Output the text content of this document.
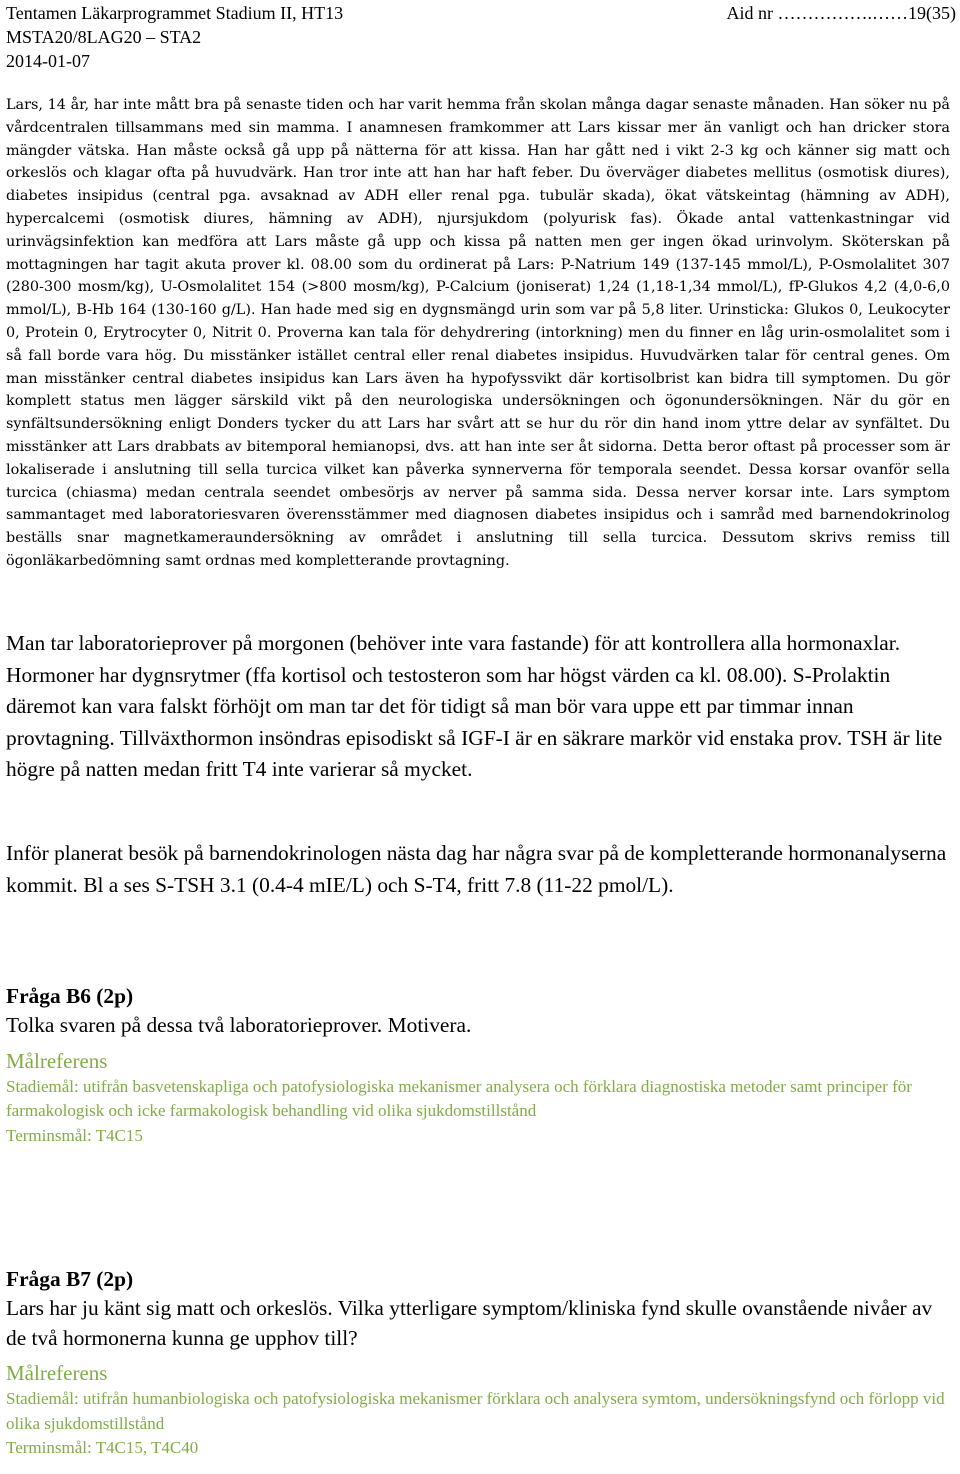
Tentamen Läkarprogrammet Stadium II, HT13	Aid nr …………….……19(35)
MSTA20/8LAG20 – STA2
2014-01-07
Lars, 14 år, har inte mått bra på senaste tiden och har varit hemma från skolan många dagar senaste månaden. Han söker nu på vårdcentralen tillsammans med sin mamma. I anamnesen framkommer att Lars kissar mer än vanligt och han dricker stora mängder vätska. Han måste också gå upp på nätterna för att kissa. Han har gått ned i vikt 2-3 kg och känner sig matt och orkeslös och klagar ofta på huvudvärk. Han tror inte att han har haft feber. Du överväger diabetes mellitus (osmotisk diures), diabetes insipidus (central pga. avsaknad av ADH eller renal pga. tubulär skada), ökat vätskeintag (hämning av ADH), hypercalcemi (osmotisk diures, hämning av ADH), njursjukdom (polyurisk fas). Ökade antal vattenkastningar vid urinvägsinfektion kan medföra att Lars måste gå upp och kissa på natten men ger ingen ökad urinvolym. Sköterskan på mottagningen har tagit akuta prover kl. 08.00 som du ordinerat på Lars: P-Natrium 149 (137-145 mmol/L), P-Osmolalitet 307 (280-300 mosm/kg), U-Osmolalitet 154 (>800 mosm/kg), P-Calcium (joniserat) 1,24 (1,18-1,34 mmol/L), fP-Glukos 4,2 (4,0-6,0 mmol/L), B-Hb 164 (130-160 g/L). Han hade med sig en dygnsmängd urin som var på 5,8 liter. Urinsticka: Glukos 0, Leukocyter 0, Protein 0, Erytrocyter 0, Nitrit 0. Proverna kan tala för dehydrering (intorkning) men du finner en låg urin-osmolalitet som i så fall borde vara hög. Du misstänker istället central eller renal diabetes insipidus. Huvudvärken talar för central genes. Om man misstänker central diabetes insipidus kan Lars även ha hypofyssvikt där kortisolbrist kan bidra till symptomen. Du gör komplett status men lägger särskild vikt på den neurologiska undersökningen och ögonundersökningen. När du gör en synfältsundersökning enligt Donders tycker du att Lars har svårt att se hur du rör din hand inom yttre delar av synfältet. Du misstänker att Lars drabbats av bitemporal hemianopsi, dvs. att han inte ser åt sidorna. Detta beror oftast på processer som är lokaliserade i anslutning till sella turcica vilket kan påverka synnerverna för temporala seendet. Dessa korsar ovanför sella turcica (chiasma) medan centrala seendet ombesörjs av nerver på samma sida. Dessa nerver korsar inte. Lars symptom sammantaget med laboratoriesvaren överensstämmer med diagnosen diabetes insipidus och i samråd med barnendokrinolog beställs snar magnetkameraundersökning av området i anslutning till sella turcica. Dessutom skrivs remiss till ögonläkarbedömning samt ordnas med kompletterande provtagning.
Man tar laboratorieprover på morgonen (behöver inte vara fastande) för att kontrollera alla hormonaxlar. Hormoner har dygnsrytmer (ffa kortisol och testosteron som har högst värden ca kl. 08.00). S-Prolaktin däremot kan vara falskt förhöjt om man tar det för tidigt så man bör vara uppe ett par timmar innan provtagning. Tillväxthormon insöndras episodiskt så IGF-I är en säkrare markör vid enstaka prov. TSH är lite högre på natten medan fritt T4 inte varierar så mycket.
Inför planerat besök på barnendokrinologen nästa dag har några svar på de kompletterande hormonanalyserna kommit. Bl a ses S-TSH 3.1 (0.4-4 mIE/L) och S-T4, fritt 7.8 (11-22 pmol/L).
Fråga B6 (2p)
Tolka svaren på dessa två laboratorieprover. Motivera.
Målreferens
Stadiemål: utifrån basvetenskapliga och patofysiologiska mekanismer analysera och förklara diagnostiska metoder samt principer för farmakologisk och icke farmakologisk behandling vid olika sjukdomstillstånd
Terminsmål: T4C15
Fråga B7 (2p)
Lars har ju känt sig matt och orkeslös. Vilka ytterligare symptom/kliniska fynd skulle ovanstående nivåer av de två hormonerna kunna ge upphov till?
Målreferens
Stadiemål: utifrån humanbiologiska och patofysiologiska mekanismer förklara och analysera symtom, undersökningsfynd och förlopp vid olika sjukdomstillstånd
Terminsmål: T4C15, T4C40
